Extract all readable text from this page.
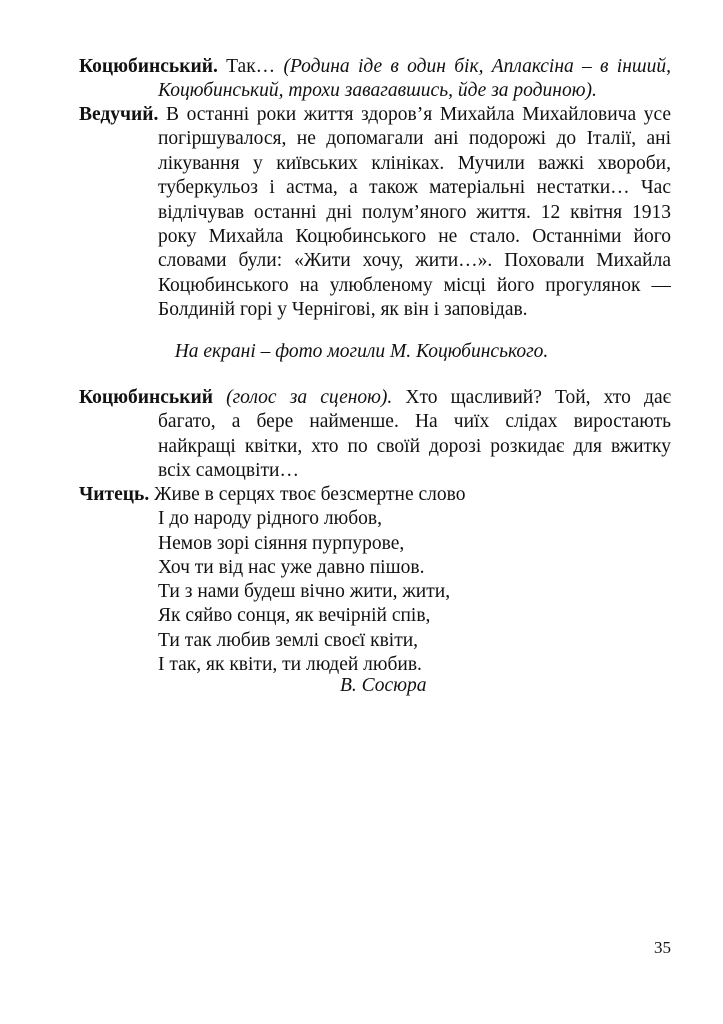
Коцюбинський. Так… (Родина іде в один бік, Аплаксіна – в інший,
Коцюбинський, трохи завагавшись, йде за родиною).
Ведучий. В останні роки життя здоров’я Михайла Михайловича усе
погіршувалося, не допомагали ані подорожі до Італії, ані
лікування у київських клініках. Мучили важкі хвороби,
туберкульоз і астма, а також матеріальні нестатки… Час
відлічував останні дні полум’яного життя. 12 квітня 1913
року Михайла Коцюбинського не стало. Останніми його
словами були: «Жити хочу, жити…». Поховали Михайла
Коцюбинського на улюбленому місці його прогулянок —
Болдиній горі у Чернігові, як він і заповідав.

На екрані – фото могили М. Коцюбинського.

Коцюбинський (голос за сценою). Хто щасливий? Той, хто дає
багато, а бере найменше. На чиїх слідах виростають
найкращі квітки, хто по своїй дорозі розкидає для вжитку
всіх самоцвіти…
Читець. Живе в серцях твоє безсмертне слово
І до народу рідного любов,
Немов зорі сіяння пурпурове,
Хоч ти від нас уже давно пішов.
Ти з нами будеш вічно жити, жити,
Як сяйво сонця, як вечірній спів,
Ти так любив землі своєї квіти,
І так, як квіти, ти людей любив.

В. Сосюра

35
